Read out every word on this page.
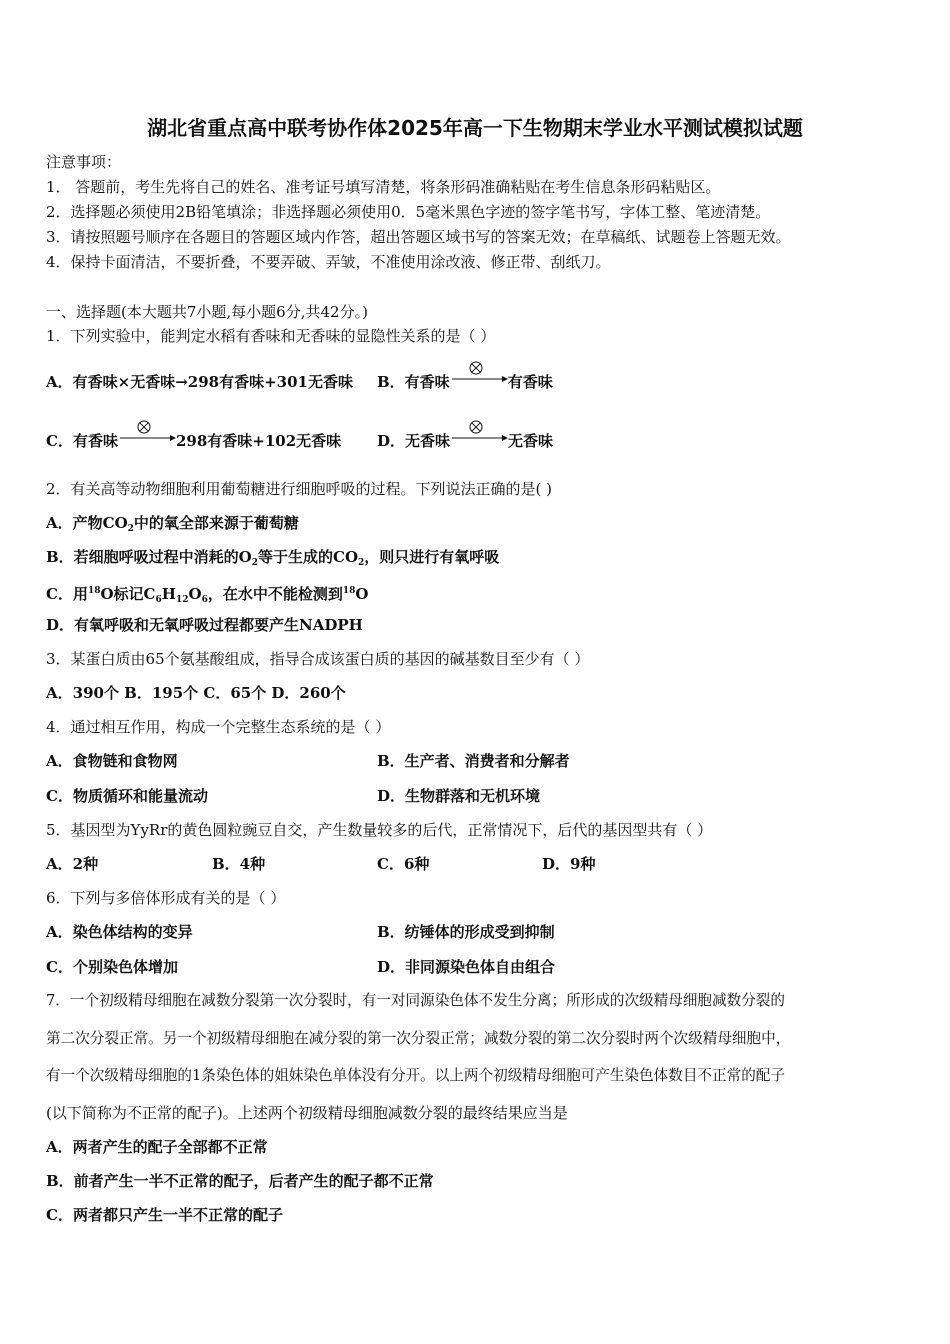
湖北省重点高中联考协作体2025年高一下生物期末学业水平测试模拟试题
注意事项：
1． 答题前，考生先将自己的姓名、准考证号填写清楚，将条形码准确粘贴在考生信息条形码粘贴区。
2．选择题必须使用2B铅笔填涂；非选择题必须使用0．5毫米黑色字迹的签字笔书写，字体工整、笔迹清楚。
3．请按照题号顺序在各题目的答题区域内作答，超出答题区域书写的答案无效；在草稿纸、试题卷上答题无效。
4．保持卡面清洁，不要折叠，不要弄破、弄皱，不准使用涂改液、修正带、刮纸刀。
一、选择题(本大题共7小题,每小题6分,共42分。)
1．下列实验中，能判定水稻有香味和无香味的显隐性关系的是（ ）
A．有香味×无香味→298有香味+301无香味 B．有香味	有香味
C．有香味	298有香味+102无香味 D．无香味	无香味
2．有关高等动物细胞利用葡萄糖进行细胞呼吸的过程。下列说法正确的是( )
A．产物$CO_2$中的氧全部来源于葡萄糖
B．若细胞呼吸过程中消耗的$O_2$等于生成的$CO_2$，则只进行有氧呼吸
C．用$^{18}$O标记$C_6H_{12}O_6$，在水中不能检测到$^{18}$O
D．有氧呼吸和无氧呼吸过程都要产生NADPH
3．某蛋白质由65个氨基酸组成，指导合成该蛋白质的基因的碱基数目至少有（ ）
A．390个 B．195个 C．65个 D．260个
4．通过相互作用，构成一个完整生态系统的是（ ）
A．食物链和食物网	B．生产者、消费者和分解者
C．物质循环和能量流动	D．生物群落和无机环境
5．基因型为YyRr的黄色圆粒豌豆自交，产生数量较多的后代，正常情况下，后代的基因型共有（ ）
A．2种	B．4种	C．6种	D．9种
6．下列与多倍体形成有关的是（ ）
A．染色体结构的变异	B．纺锤体的形成受到抑制
C．个别染色体增加	D．非同源染色体自由组合
7．一个初级精母细胞在减数分裂第一次分裂时，有一对同源染色体不发生分离；所形成的次级精母细胞减数分裂的
第二次分裂正常。另一个初级精母细胞在减分裂的第一次分裂正常；减数分裂的第二次分裂时两个次级精母细胞中，
有一个次级精母细胞的1条染色体的姐妹染色单体没有分开。以上两个初级精母细胞可产生染色体数目不正常的配子
(以下简称为不正常的配子)。上述两个初级精母细胞减数分裂的最终结果应当是
A．两者产生的配子全部都不正常
B．前者产生一半不正常的配子，后者产生的配子都不正常
C．两者都只产生一半不正常的配子
